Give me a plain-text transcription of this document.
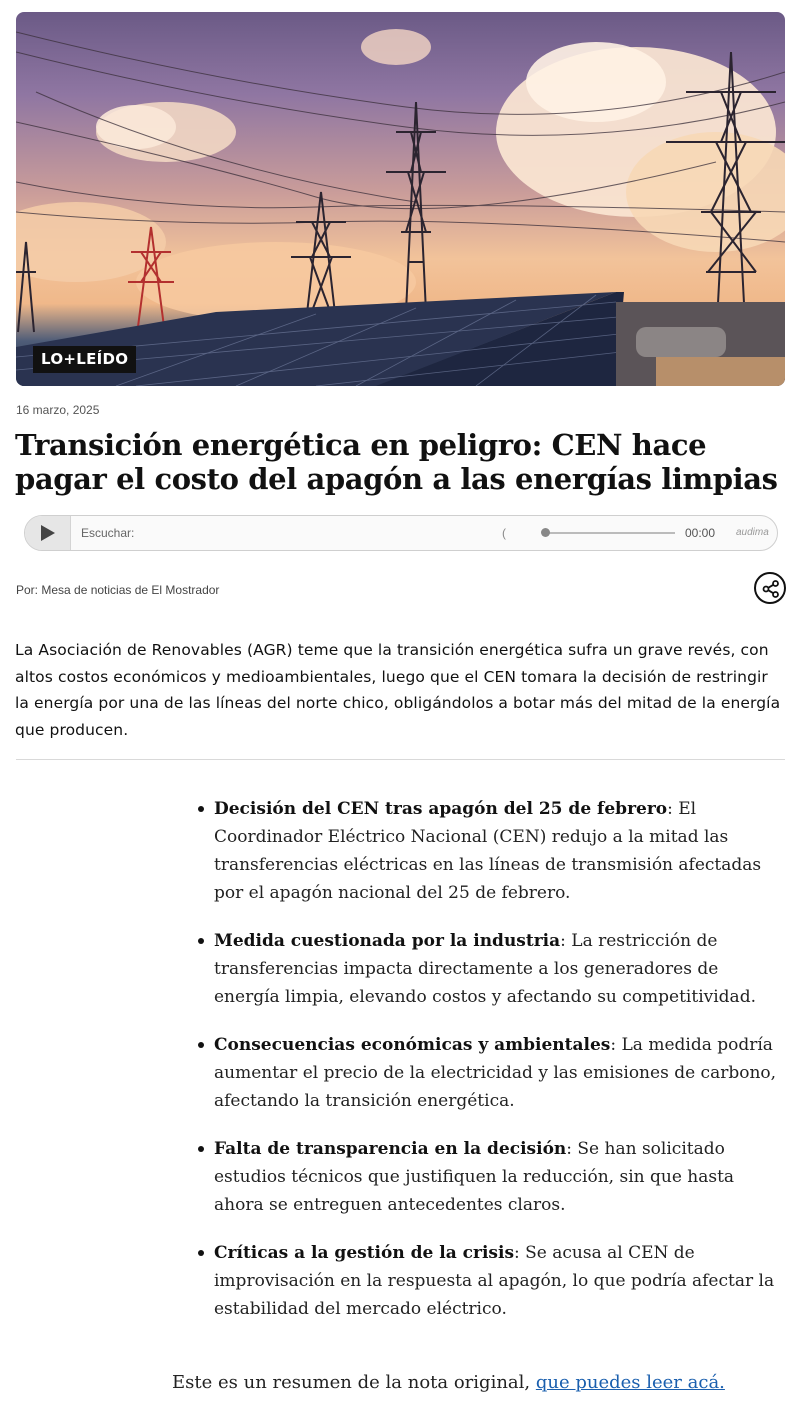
LO+LEÍDO
16 marzo, 2025
Transición energética en peligro: CEN hace pagar el costo del apagón a las energías limpias
Escuchar:	(	00:00 audima
Por: Mesa de noticias de El Mostrador

La Asociación de Renovables (AGR) teme que la transición energética sufra un grave revés, con altos costos económicos y medioambientales, luego que el CEN tomara la decisión de restringir la energía por una de las líneas del norte chico, obligándolos a botar más del mitad de la energía que producen.

Decisión del CEN tras apagón del 25 de febrero: El Coordinador Eléctrico Nacional (CEN) redujo a la mitad las transferencias eléctricas en las líneas de transmisión afectadas por el apagón nacional del 25 de febrero.
Medida cuestionada por la industria: La restricción de transferencias impacta directamente a los generadores de energía limpia, elevando costos y afectando su competitividad.
Consecuencias económicas y ambientales: La medida podría aumentar el precio de la electricidad y las emisiones de carbono, afectando la transición energética.
Falta de transparencia en la decisión: Se han solicitado estudios técnicos que justifiquen la reducción, sin que hasta ahora se entreguen antecedentes claros.
Críticas a la gestión de la crisis: Se acusa al CEN de improvisación en la respuesta al apagón, lo que podría afectar la estabilidad del mercado eléctrico.

Este es un resumen de la nota original, que puedes leer acá.
